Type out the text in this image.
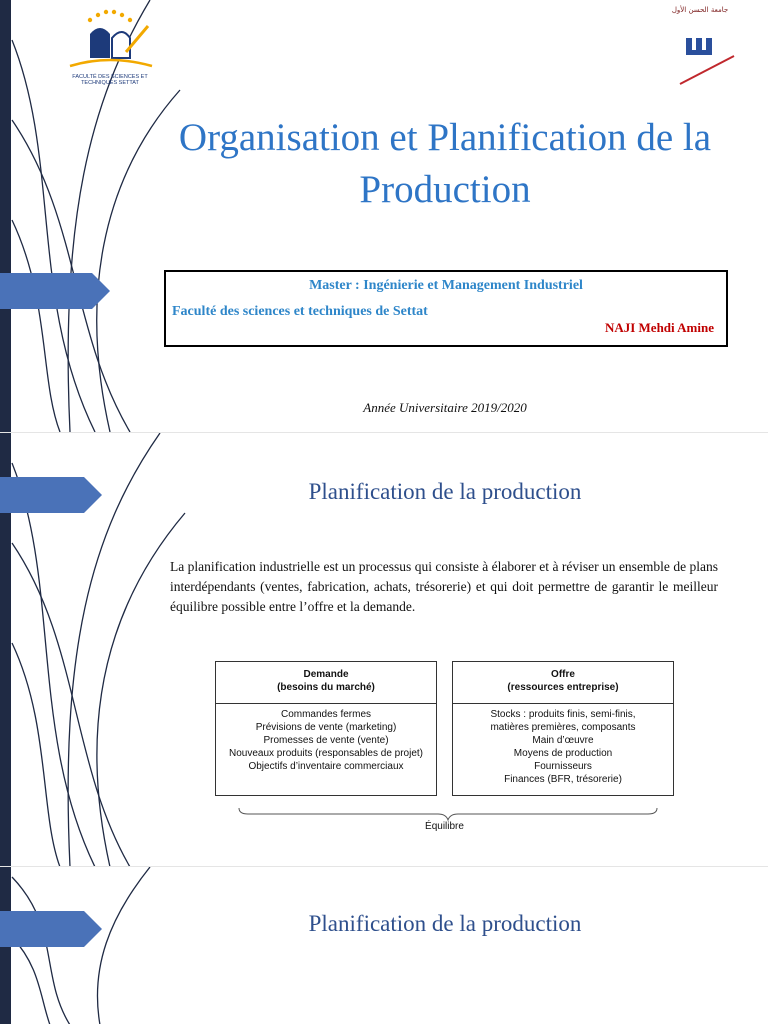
FACULTÉ DES SCIENCES ET TECHNIQUES SETTAT
جامعة الحسن الأول
Organisation et Planification de la Production
Master : Ingénierie et Management Industriel
Faculté des sciences et techniques de Settat
NAJI Mehdi Amine
Année Universitaire 2019/2020
Planification de la production

La planification industrielle est un processus qui consiste à élaborer et à réviser un ensemble de plans interdépendants (ventes, fabrication, achats, trésorerie) et qui doit permettre de garantir le meilleur équilibre possible entre l’offre et la demande.

Demande
(besoins du marché)
Commandes fermes
Prévisions de vente (marketing)
Promesses de vente (vente)
Nouveaux produits (responsables de projet)
Objectifs d’inventaire commerciaux
Offre
(ressources entreprise)
Stocks : produits finis, semi-finis,
matières premières, composants
Main d’œuvre
Moyens de production
Fournisseurs
Finances (BFR, trésorerie)
Équilibre
Planification de la production
